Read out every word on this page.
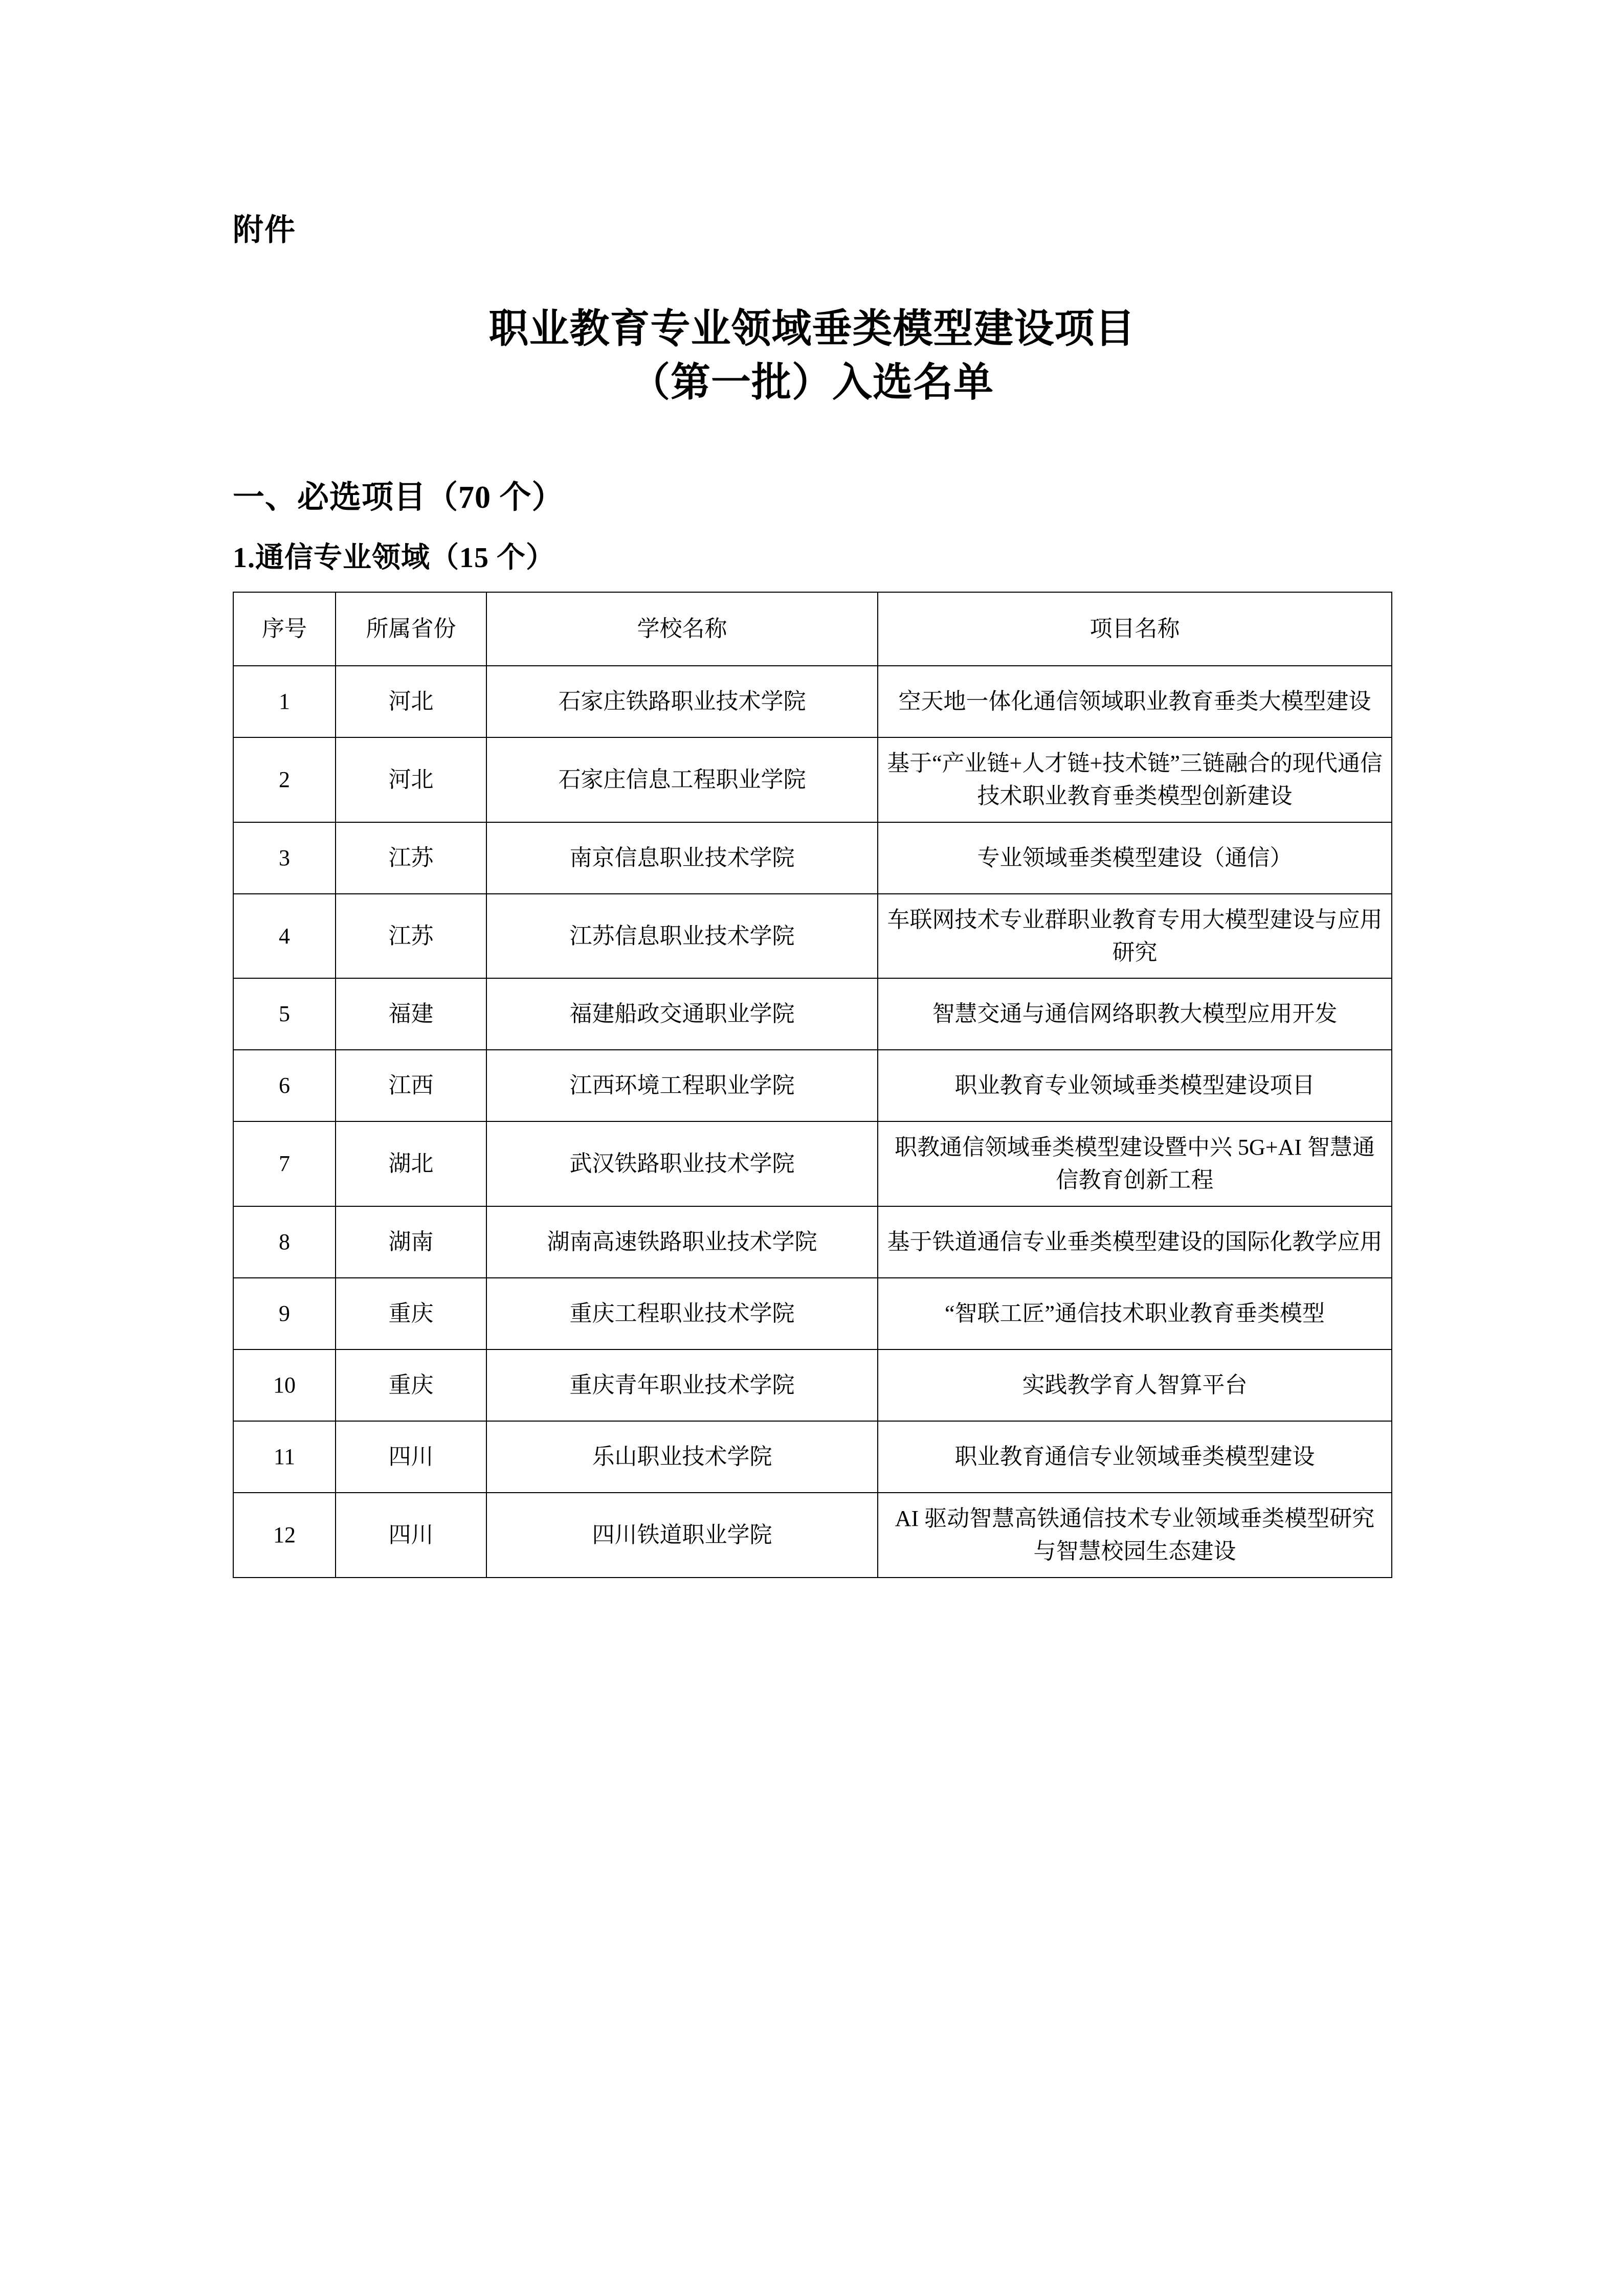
附件
职业教育专业领域垂类模型建设项目
（第一批）入选名单
一、必选项目（70 个）
1.通信专业领域（15 个）
序号	所属省份	学校名称	项目名称
1	河北	石家庄铁路职业技术学院	空天地一体化通信领域职业教育垂类大模型建设
2	河北	石家庄信息工程职业学院	基于“产业链+人才链+技术链”三链融合的现代通信技术职业教育垂类模型创新建设
3	江苏	南京信息职业技术学院	专业领域垂类模型建设（通信）
4	江苏	江苏信息职业技术学院	车联网技术专业群职业教育专用大模型建设与应用研究
5	福建	福建船政交通职业学院	智慧交通与通信网络职教大模型应用开发
6	江西	江西环境工程职业学院	职业教育专业领域垂类模型建设项目
7	湖北	武汉铁路职业技术学院	职教通信领域垂类模型建设暨中兴 5G+AI 智慧通信教育创新工程
8	湖南	湖南高速铁路职业技术学院	基于铁道通信专业垂类模型建设的国际化教学应用
9	重庆	重庆工程职业技术学院	“智联工匠”通信技术职业教育垂类模型
10	重庆	重庆青年职业技术学院	实践教学育人智算平台
11	四川	乐山职业技术学院	职业教育通信专业领域垂类模型建设
12	四川	四川铁道职业学院	AI 驱动智慧高铁通信技术专业领域垂类模型研究与智慧校园生态建设
